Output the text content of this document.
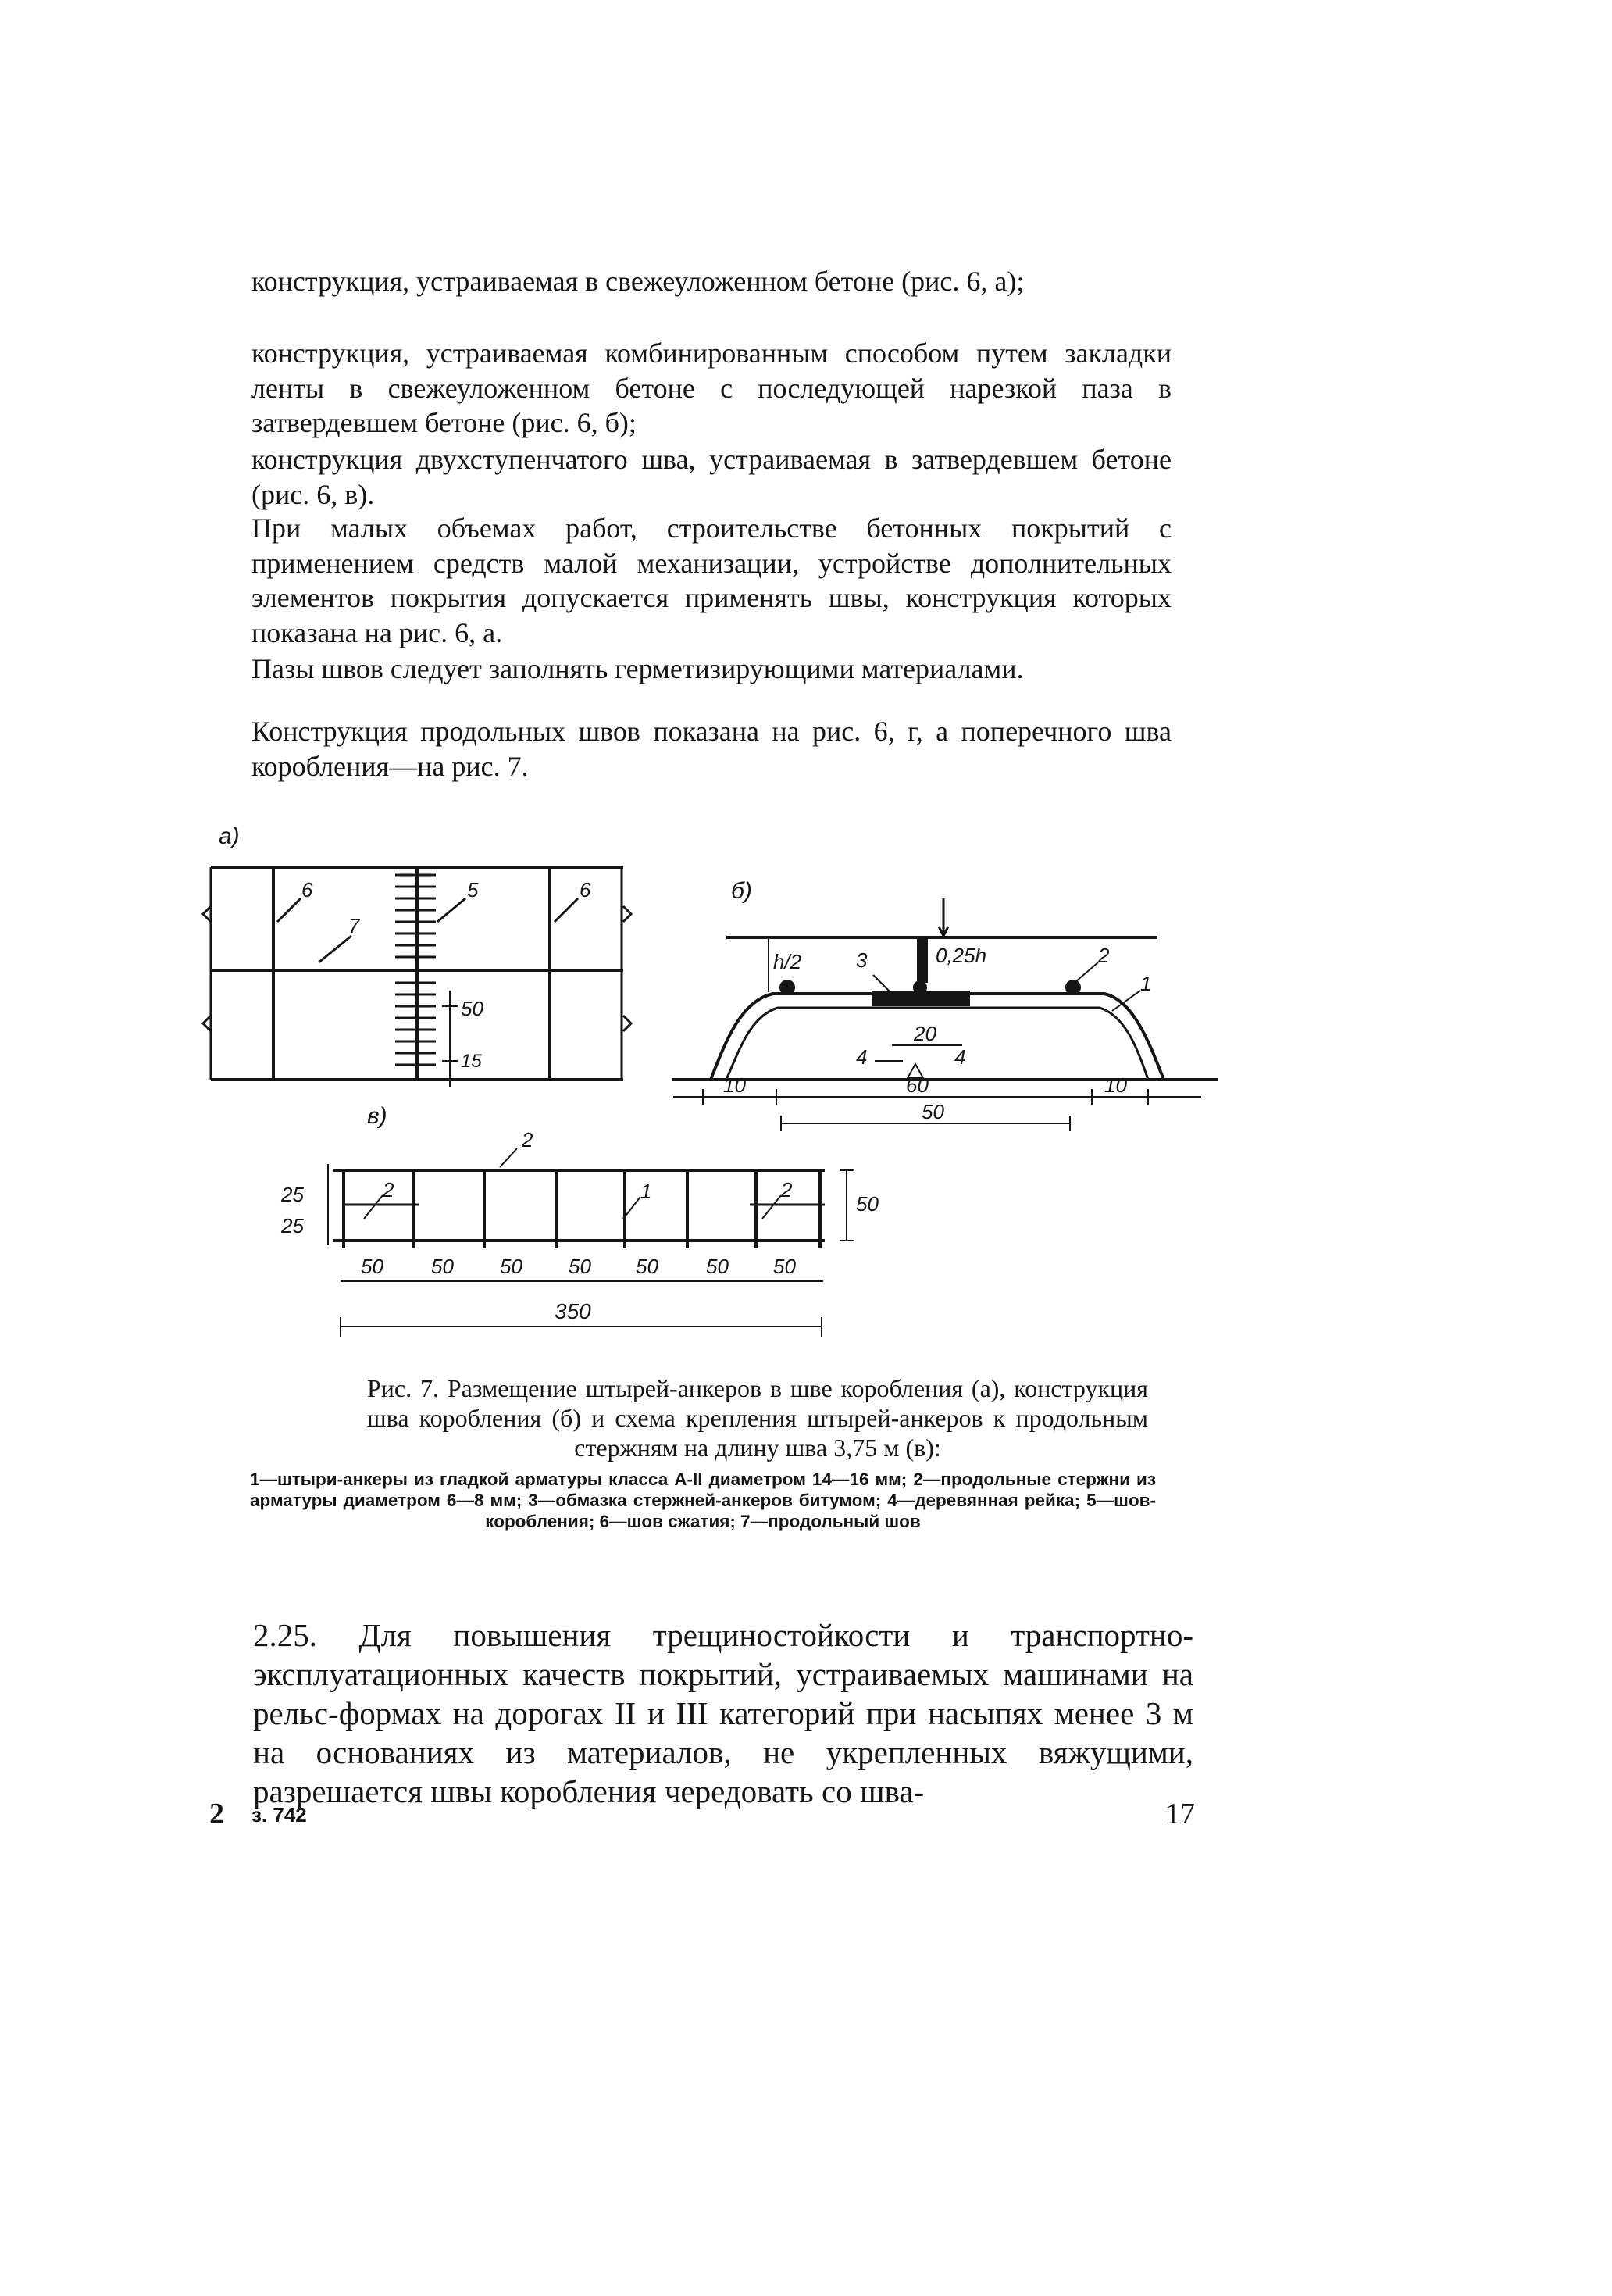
конструкция, устраиваемая в свежеуложенном бетоне (рис. 6, а);

конструкция, устраиваемая комбинированным способом путем закладки ленты в свежеуложенном бетоне с последующей нарезкой паза в затвердевшем бетоне (рис. 6, б);

конструкция двухступенчатого шва, устраиваемая в затвердевшем бетоне (рис. 6, в).

При малых объемах работ, строительстве бетонных покрытий с применением средств малой механизации, устройстве дополнительных элементов покрытия допускается применять швы, конструкция которых показана на рис. 6, а.

Пазы швов следует заполнять герметизирующими материалами.

Конструкция продольных швов показана на рис. 6, г, а поперечного шва коробления—на рис. 7.

а)
6
7
5	6
50
15
б)
h/2	0,25h
3	2
1
4	4
20
10	60	10
50
в)
2
2	1	2
25
25
50
50 50 50 50 50 50 50
350

Рис. 7. Размещение штырей-анкеров в шве коробления (а), конструкция шва коробления (б) и схема крепления штырей-анкеров к продольным стержням на длину шва 3,75 м (в):

1—штыри-анкеры из гладкой арматуры класса А-II диаметром 14—16 мм; 2—продольные стержни из арматуры диаметром 6—8 мм; 3—обмазка стержней-анкеров битумом; 4—деревянная рейка; 5—шов-коробления; 6—шов сжатия; 7—продольный шов

2.25. Для повышения трещиностойкости и транспортно-эксплуатационных качеств покрытий, устраиваемых машинами на рельс-формах на дорогах II и III категорий при насыпях менее 3 м на основаниях из материалов, не укрепленных вяжущими, разрешается швы коробления чередовать со шва-

2 з. 742	17
